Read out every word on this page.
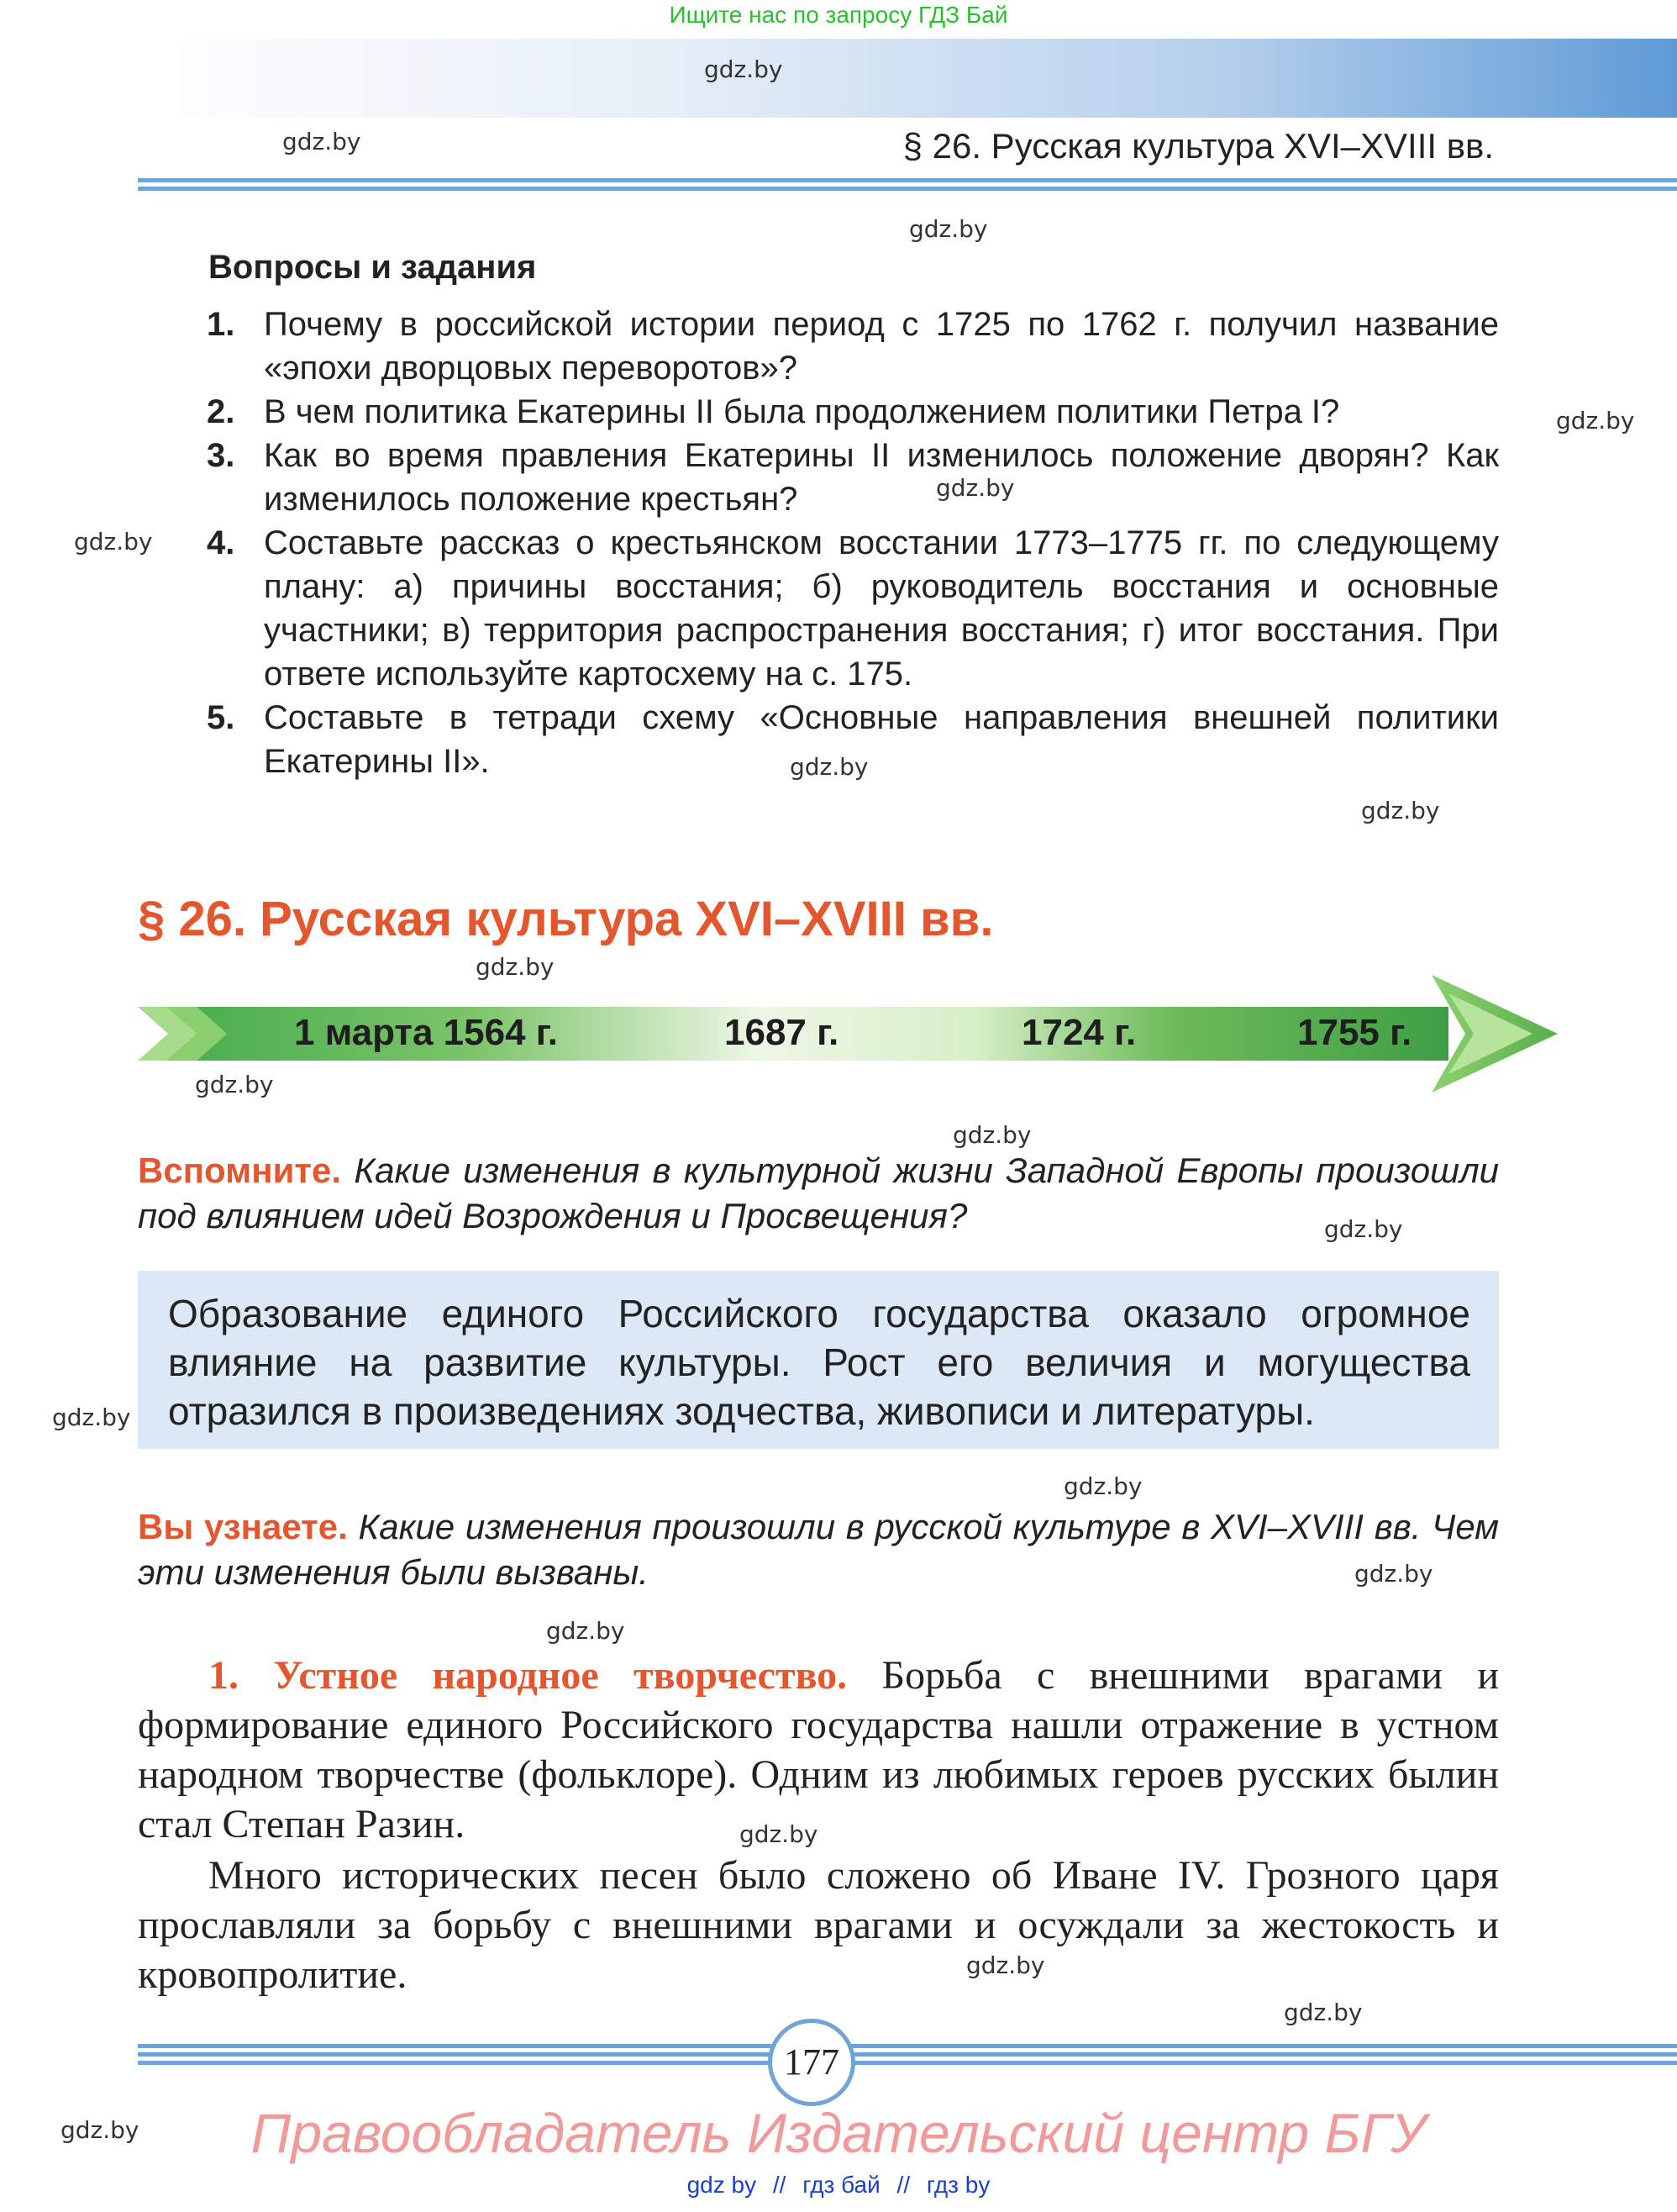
Ищите нас по запросу ГДЗ Бай
§ 26. Русская культура XVI–XVIII вв.
Вопросы и задания
1. Почему в российской истории период с 1725 по 1762 г. получил название «эпохи дворцовых переворотов»?
2. В чем политика Екатерины II была продолжением политики Петра I?
3. Как во время правления Екатерины II изменилось положение дворян? Как изменилось положение крестьян?
4. Составьте рассказ о крестьянском восстании 1773–1775 гг. по следующему плану: а) причины восстания; б) руководитель восстания и основные участники; в) территория распространения восстания; г) итог восстания. При ответе используйте картосхему на с. 175.
5. Составьте в тетради схему «Основные направления внешней политики Екатерины II».
§ 26. Русская культура XVI–XVIII вв.
1 марта 1564 г.	1687 г.	1724 г.	1755 г.
Вспомните. Какие изменения в культурной жизни Западной Европы произошли под влиянием идей Возрождения и Просвещения?
Образование единого Российского государства оказало огромное влияние на развитие культуры. Рост его величия и могущества отразился в произведениях зодчества, живописи и литературы.
Вы узнаете. Какие изменения произошли в русской культуре в XVI–XVIII вв. Чем эти изменения были вызваны.
1. Устное народное творчество. Борьба с внешними врагами и формирование единого Российского государства нашли отражение в устном народном творчестве (фольклоре). Одним из любимых героев русских былин стал Степан Разин.
Много исторических песен было сложено об Иване IV. Грозного царя прославляли за борьбу с внешними врагами и осуждали за жестокость и кровопролитие.
177
Правообладатель Издательский центр БГУ
gdz by // гдз бай // гдз by
gdz.by
gdz.by
gdz.by
gdz.by
gdz.by
gdz.by
gdz.by
gdz.by
gdz.by
gdz.by
gdz.by
gdz.by
gdz.by
gdz.by
gdz.by
gdz.by
gdz.by
gdz.by
gdz.by
gdz.by
